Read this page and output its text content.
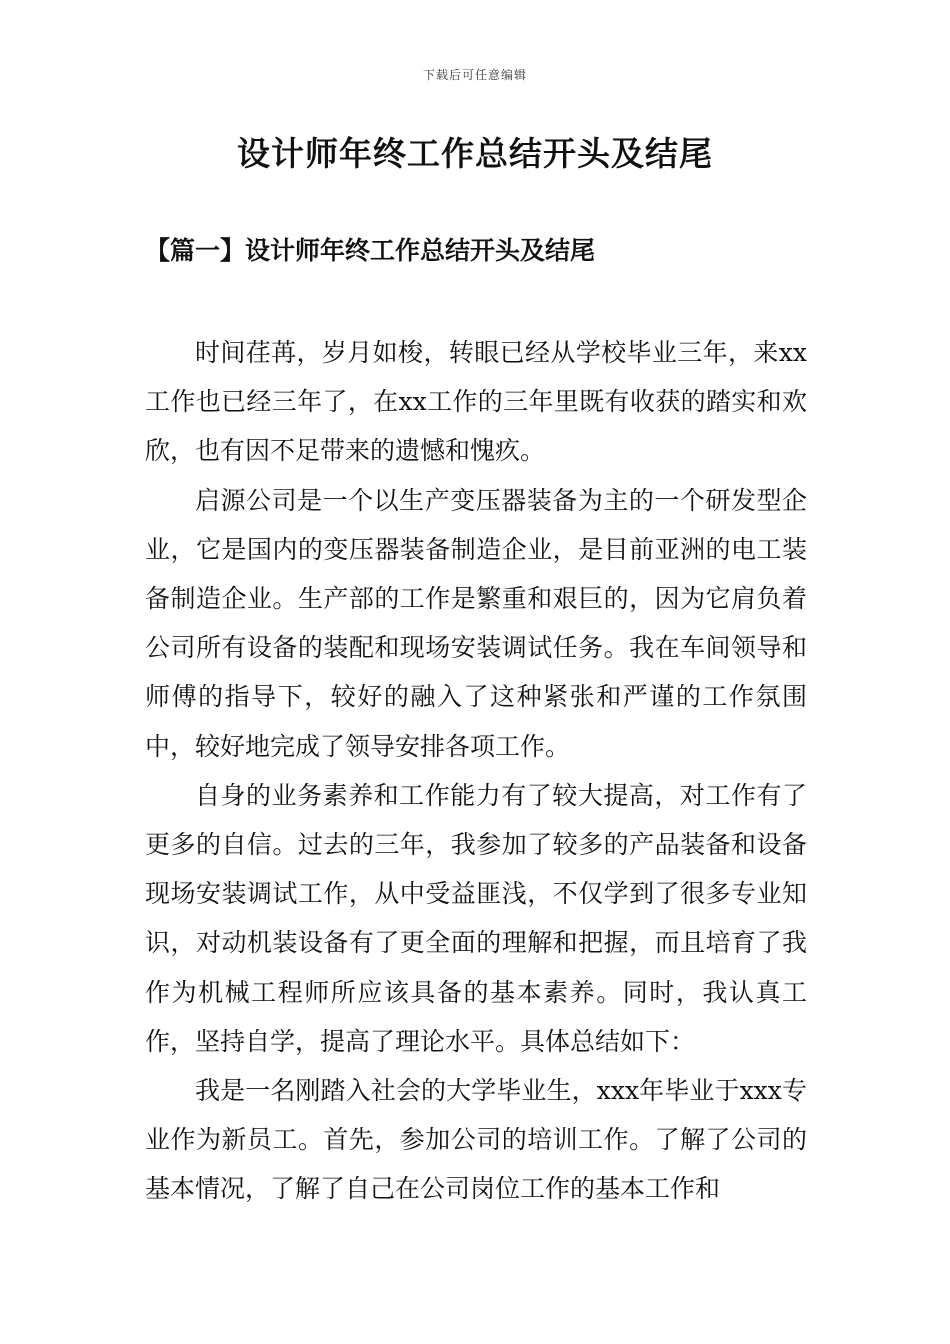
下载后可任意编辑
设计师年终工作总结开头及结尾
【篇一】设计师年终工作总结开头及结尾

时间荏苒，岁月如梭，转眼已经从学校毕业三年，来xx工作也已经三年了，在xx工作的三年里既有收获的踏实和欢欣，也有因不足带来的遗憾和愧疚。

启源公司是一个以生产变压器装备为主的一个研发型企业，它是国内的变压器装备制造企业，是目前亚洲的电工装备制造企业。生产部的工作是繁重和艰巨的，因为它肩负着公司所有设备的装配和现场安装调试任务。我在车间领导和师傅的指导下，较好的融入了这种紧张和严谨的工作氛围中，较好地完成了领导安排各项工作。

自身的业务素养和工作能力有了较大提高，对工作有了更多的自信。过去的三年，我参加了较多的产品装备和设备现场安装调试工作，从中受益匪浅，不仅学到了很多专业知识，对动机装设备有了更全面的理解和把握，而且培育了我作为机械工程师所应该具备的基本素养。同时，我认真工作，坚持自学，提高了理论水平。具体总结如下：

我是一名刚踏入社会的大学毕业生，xxx年毕业于xxx专业作为新员工。首先，参加公司的培训工作。了解了公司的基本情况，了解了自己在公司岗位工作的基本工作和
